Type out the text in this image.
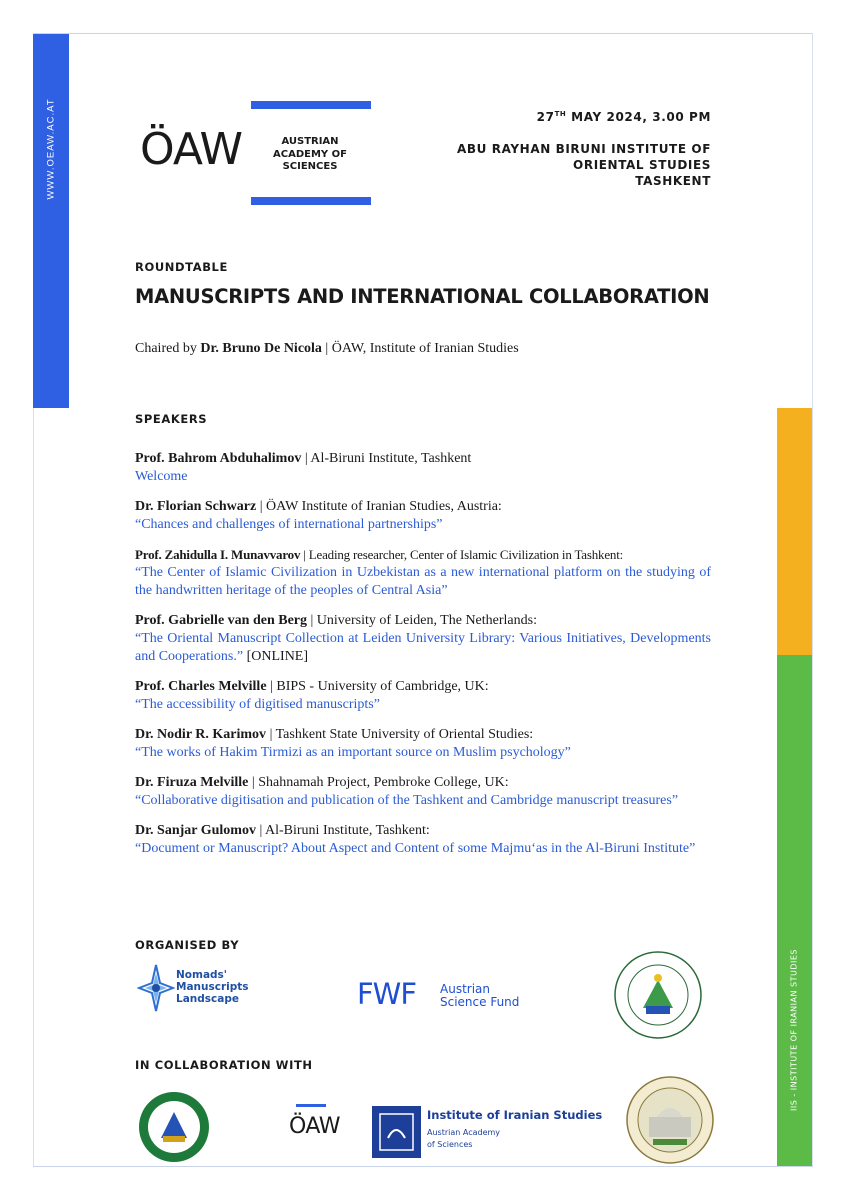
WWW.OEAW.AC.AT
IIS - INSTITUTE OF IRANIAN STUDIES
ÖAW	AUSTRIAN
ACADEMY OF
SCIENCES
27TH MAY 2024, 3.00 PM
ABU RAYHAN BIRUNI INSTITUTE OF
ORIENTAL STUDIES
TASHKENT
ROUNDTABLE
MANUSCRIPTS AND INTERNATIONAL COLLABORATION
Chaired by Dr. Bruno De Nicola | ÖAW, Institute of Iranian Studies
SPEAKERS
Prof. Bahrom Abduhalimov | Al-Biruni Institute, Tashkent
Welcome
Dr. Florian Schwarz | ÖAW Institute of Iranian Studies, Austria:
“Chances and challenges of international partnerships”
Prof. Zahidulla I. Munavvarov | Leading researcher, Center of Islamic Civilization in Tashkent:
“The Center of Islamic Civilization in Uzbekistan as a new international platform on the studying of the handwritten heritage of the peoples of Central Asia”
Prof. Gabrielle van den Berg | University of Leiden, The Netherlands:
“The Oriental Manuscript Collection at Leiden University Library: Various Initiatives, Developments and Cooperations.” [ONLINE]
Prof. Charles Melville | BIPS - University of Cambridge, UK:
“The accessibility of digitised manuscripts”
Dr. Nodir R. Karimov | Tashkent State University of Oriental Studies:
“The works of Hakim Tirmizi as an important source on Muslim psychology”
Dr. Firuza Melville | Shahnamah Project, Pembroke College, UK:
“Collaborative digitisation and publication of the Tashkent and Cambridge manuscript treasures”
Dr. Sanjar Gulomov | Al-Biruni Institute, Tashkent:
“Document or Manuscript? About Aspect and Content of some Majmu‘as in the Al-Biruni Institute”
ORGANISED BY
Nomads'
Manuscripts
Landscape	FWF Austrian
Science Fund
IN COLLABORATION WITH
ÖAW	Institute of Iranian Studies
Austrian Academy
of Sciences
